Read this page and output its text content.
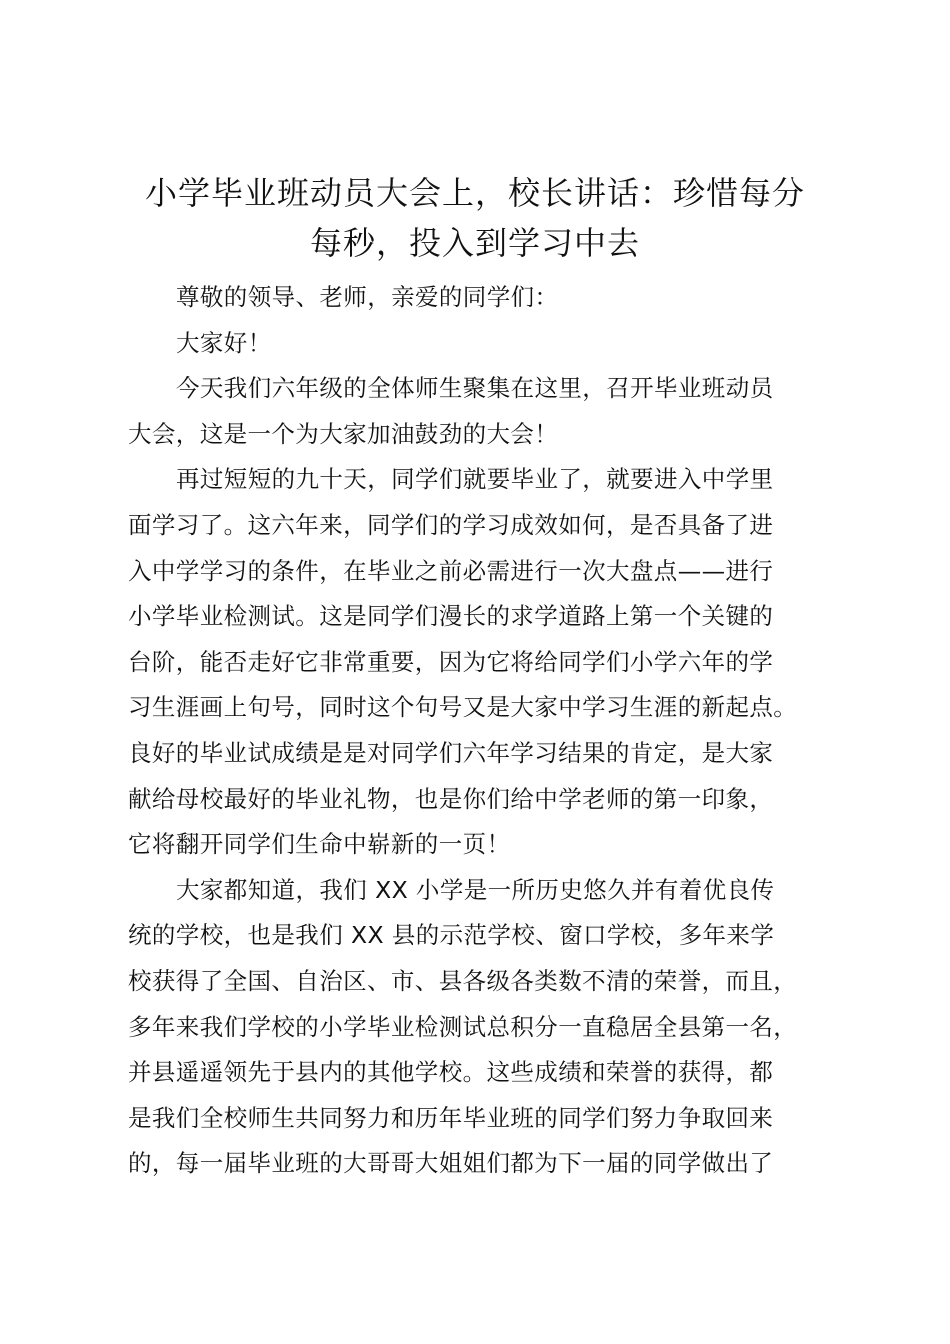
小学毕业班动员大会上，校长讲话：珍惜每分
每秒，投入到学习中去
尊敬的领导、老师，亲爱的同学们：
大家好！
今天我们六年级的全体师生聚集在这里，召开毕业班动员
大会，这是一个为大家加油鼓劲的大会！
再过短短的九十天，同学们就要毕业了，就要进入中学里
面学习了。这六年来，同学们的学习成效如何，是否具备了进
入中学学习的条件，在毕业之前必需进行一次大盘点——进行
小学毕业检测试。这是同学们漫长的求学道路上第一个关键的
台阶，能否走好它非常重要，因为它将给同学们小学六年的学
习生涯画上句号，同时这个句号又是大家中学习生涯的新起点。
良好的毕业试成绩是是对同学们六年学习结果的肯定，是大家
献给母校最好的毕业礼物，也是你们给中学老师的第一印象，
它将翻开同学们生命中崭新的一页！
大家都知道，我们 XX 小学是一所历史悠久并有着优良传
统的学校，也是我们 XX 县的示范学校、窗口学校，多年来学
校获得了全国、自治区、市、县各级各类数不清的荣誉，而且，
多年来我们学校的小学毕业检测试总积分一直稳居全县第一名，
并县遥遥领先于县内的其他学校。这些成绩和荣誉的获得，都
是我们全校师生共同努力和历年毕业班的同学们努力争取回来
的，每一届毕业班的大哥哥大姐姐们都为下一届的同学做出了
